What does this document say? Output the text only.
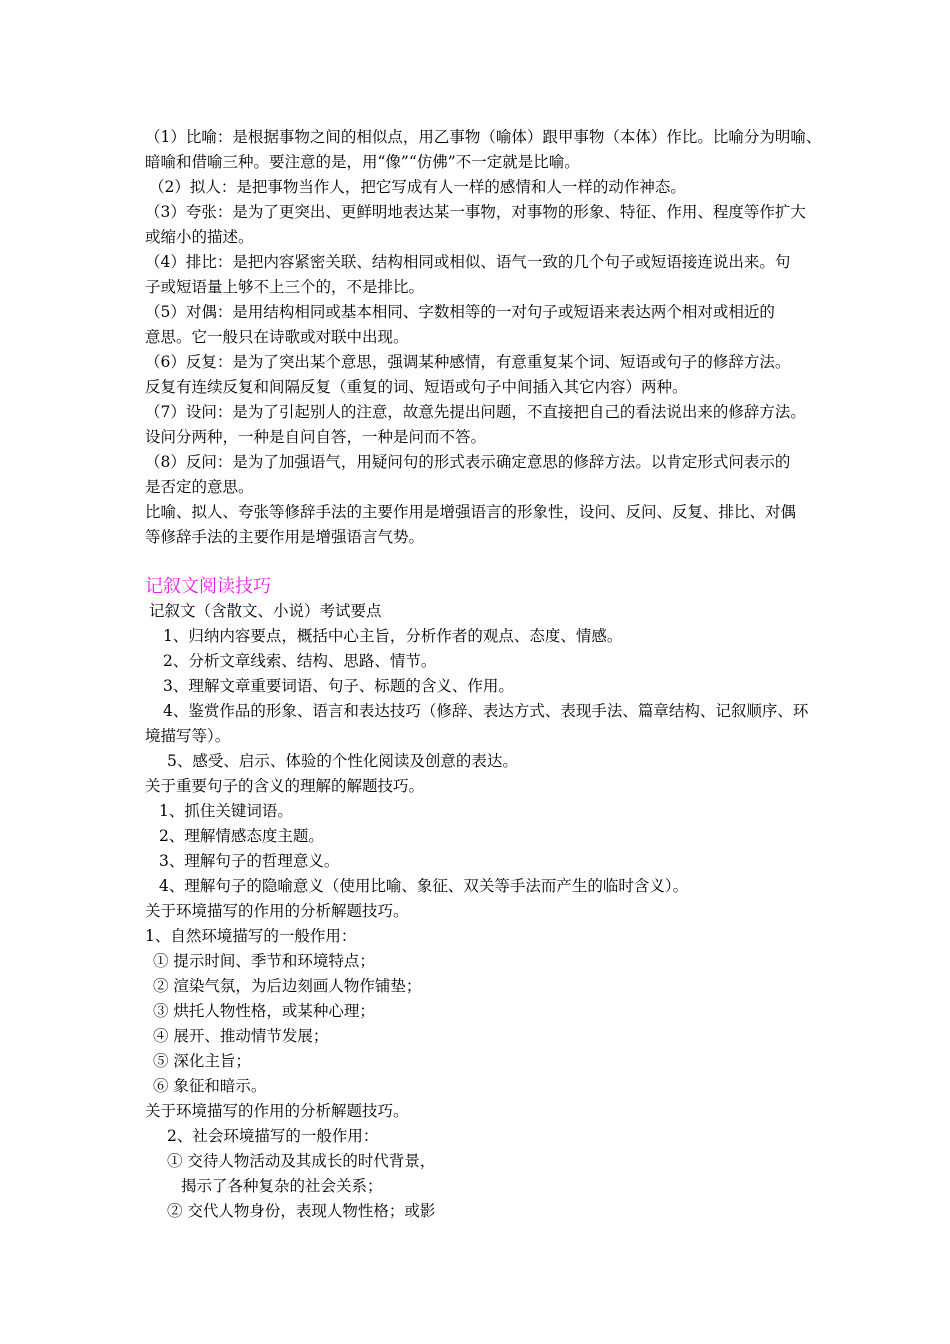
（1）比喻：是根据事物之间的相似点，用乙事物（喻体）跟甲事物（本体）作比。比喻分为明喻、
暗喻和借喻三种。要注意的是，用“像”“仿佛”不一定就是比喻。
（2）拟人：是把事物当作人，把它写成有人一样的感情和人一样的动作神态。
（3）夸张：是为了更突出、更鲜明地表达某一事物，对事物的形象、特征、作用、程度等作扩大
或缩小的描述。
（4）排比：是把内容紧密关联、结构相同或相似、语气一致的几个句子或短语接连说出来。句
子或短语量上够不上三个的，不是排比。
（5）对偶：是用结构相同或基本相同、字数相等的一对句子或短语来表达两个相对或相近的
意思。它一般只在诗歌或对联中出现。
（6）反复：是为了突出某个意思，强调某种感情，有意重复某个词、短语或句子的修辞方法。
反复有连续反复和间隔反复（重复的词、短语或句子中间插入其它内容）两种。
（7）设问：是为了引起别人的注意，故意先提出问题，不直接把自己的看法说出来的修辞方法。
设问分两种，一种是自问自答，一种是问而不答。
（8）反问：是为了加强语气，用疑问句的形式表示确定意思的修辞方法。以肯定形式问表示的
是否定的意思。
比喻、拟人、夸张等修辞手法的主要作用是增强语言的形象性，设问、反问、反复、排比、对偶
等修辞手法的主要作用是增强语言气势。
记叙文阅读技巧
记叙文（含散文、小说）考试要点
1、归纳内容要点，概括中心主旨，分析作者的观点、态度、情感。
2、分析文章线索、结构、思路、情节。
3、理解文章重要词语、句子、标题的含义、作用。
4、鉴赏作品的形象、语言和表达技巧（修辞、表达方式、表现手法、篇章结构、记叙顺序、环
境描写等）。
5、感受、启示、体验的个性化阅读及创意的表达。
关于重要句子的含义的理解的解题技巧。
1、抓住关键词语。
2、理解情感态度主题。
3、理解句子的哲理意义。
4、理解句子的隐喻意义（使用比喻、象征、双关等手法而产生的临时含义）。
关于环境描写的作用的分析解题技巧。
1、自然环境描写的一般作用：
① 提示时间、季节和环境特点；
② 渲染气氛，为后边刻画人物作铺垫；
③ 烘托人物性格，或某种心理；
④ 展开、推动情节发展；
⑤ 深化主旨；
⑥ 象征和暗示。
关于环境描写的作用的分析解题技巧。
2、社会环境描写的一般作用：
① 交待人物活动及其成长的时代背景，
揭示了各种复杂的社会关系；
② 交代人物身份，表现人物性格；或影
